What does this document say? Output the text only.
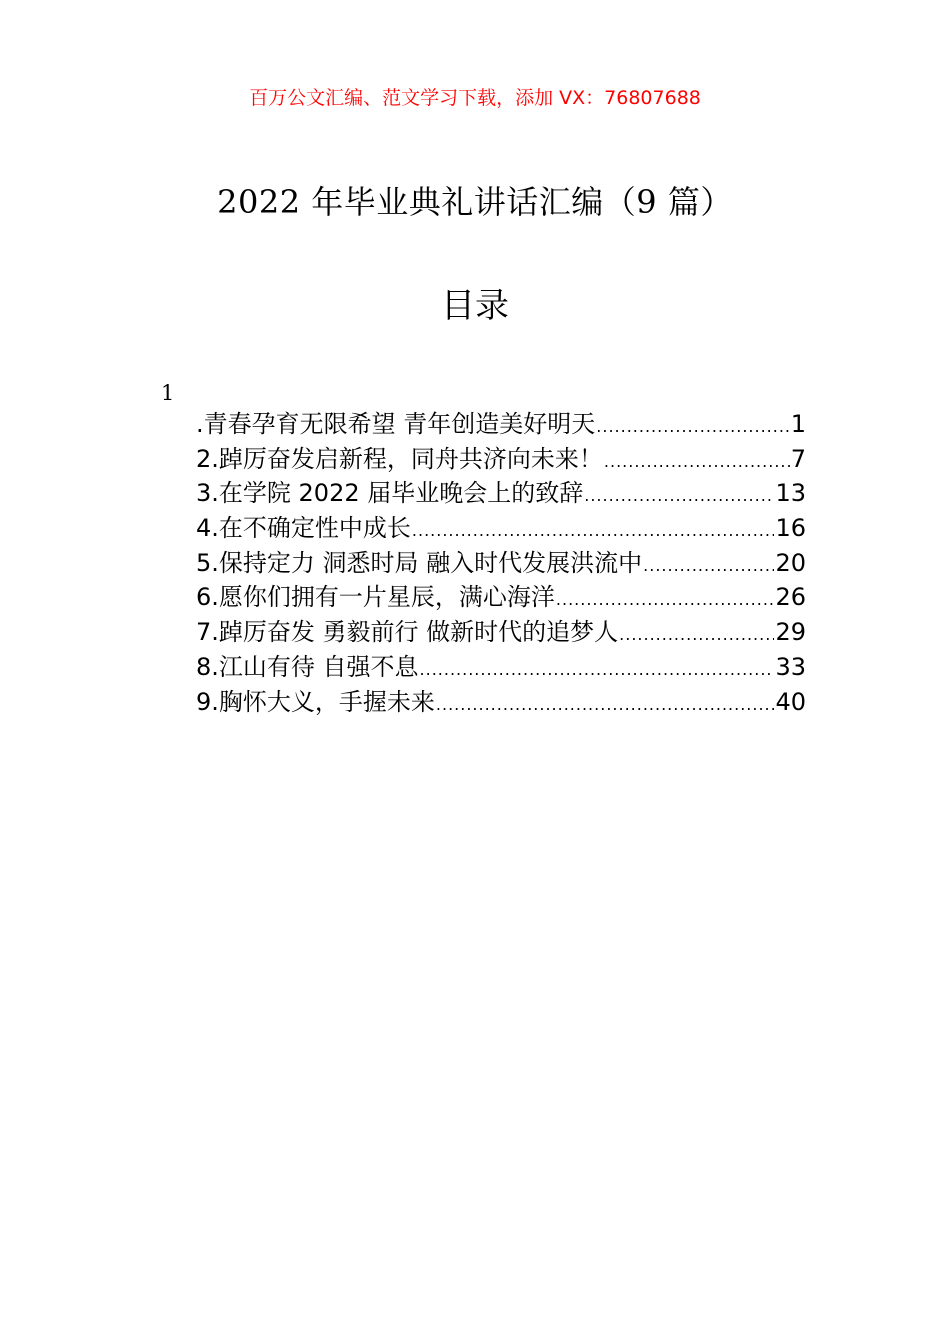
百万公文汇编、范文学习下载，添加 VX：76807688
2022 年毕业典礼讲话汇编（9 篇）
目录
1
.青春孕育无限希望 青年创造美好明天 .....	1
2.踔厉奋发启新程，同舟共济向未来！ .....	7
3.在学院 2022 届毕业晚会上的致辞 .....	13
4.在不确定性中成长 .....	16
5.保持定力 洞悉时局 融入时代发展洪流中 .....	20
6.愿你们拥有一片星辰，满心海洋 .....	26
7.踔厉奋发 勇毅前行 做新时代的追梦人 .....	29
8.江山有待 自强不息 .....	33
9.胸怀大义，手握未来 .....	40
